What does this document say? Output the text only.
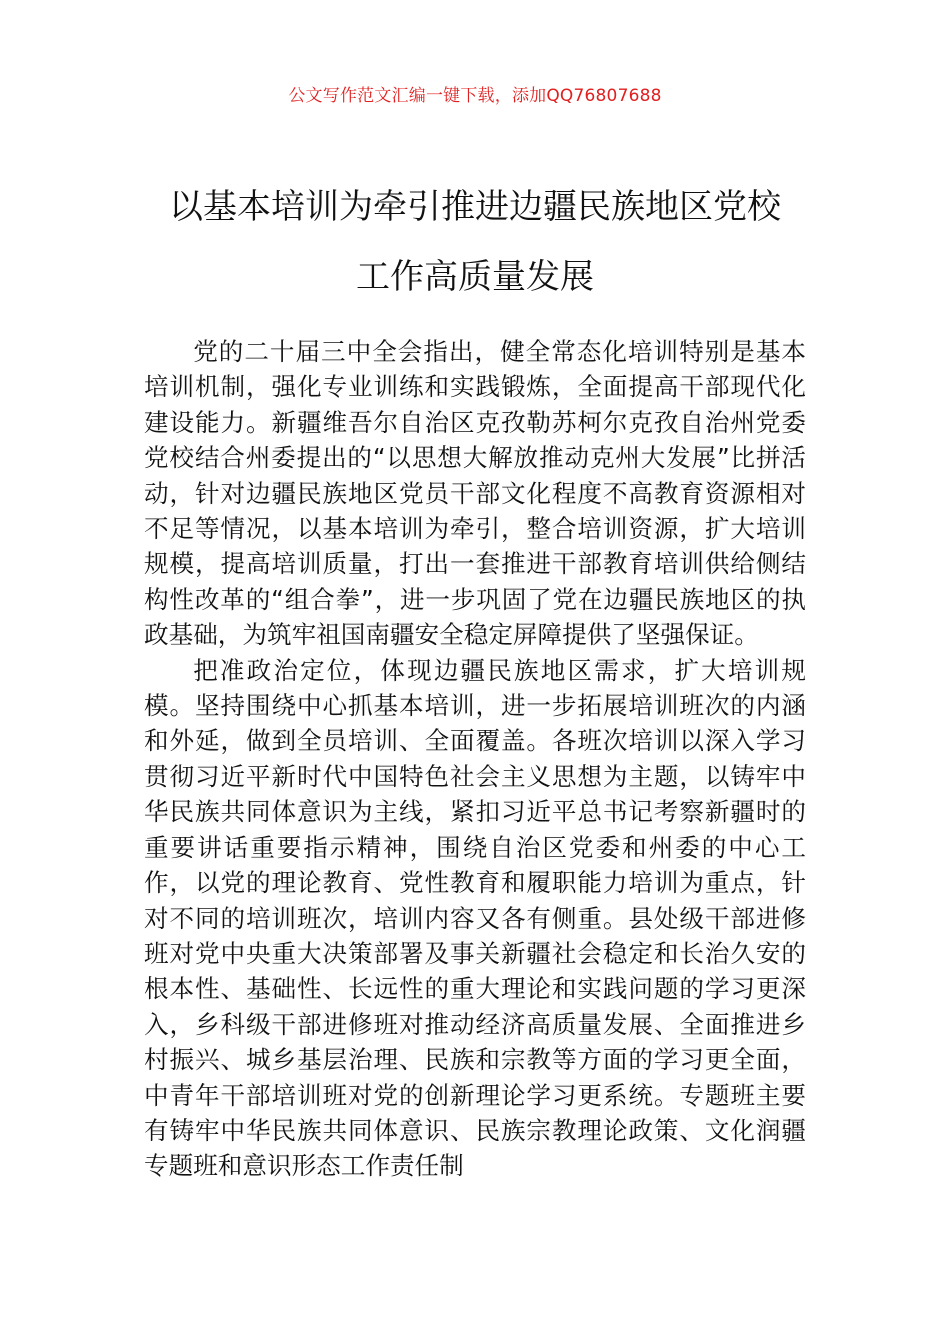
公文写作范文汇编一键下载，添加QQ76807688
以基本培训为牵引推进边疆民族地区党校
工作高质量发展

党的二十届三中全会指出，健全常态化培训特别是基本培训机制，强化专业训练和实践锻炼，全面提高干部现代化建设能力。新疆维吾尔自治区克孜勒苏柯尔克孜自治州党委党校结合州委提出的“以思想大解放推动克州大发展”比拼活动，针对边疆民族地区党员干部文化程度不高教育资源相对不足等情况，以基本培训为牵引，整合培训资源，扩大培训规模，提高培训质量，打出一套推进干部教育培训供给侧结构性改革的“组合拳”，进一步巩固了党在边疆民族地区的执政基础，为筑牢祖国南疆安全稳定屏障提供了坚强保证。

把准政治定位，体现边疆民族地区需求，扩大培训规模。坚持围绕中心抓基本培训，进一步拓展培训班次的内涵和外延，做到全员培训、全面覆盖。各班次培训以深入学习贯彻习近平新时代中国特色社会主义思想为主题，以铸牢中华民族共同体意识为主线，紧扣习近平总书记考察新疆时的重要讲话重要指示精神，围绕自治区党委和州委的中心工作，以党的理论教育、党性教育和履职能力培训为重点，针对不同的培训班次，培训内容又各有侧重。县处级干部进修班对党中央重大决策部署及事关新疆社会稳定和长治久安的根本性、基础性、长远性的重大理论和实践问题的学习更深入，乡科级干部进修班对推动经济高质量发展、全面推进乡村振兴、城乡基层治理、民族和宗教等方面的学习更全面，中青年干部培训班对党的创新理论学习更系统。专题班主要有铸牢中华民族共同体意识、民族宗教理论政策、文化润疆专题班和意识形态工作责任制
